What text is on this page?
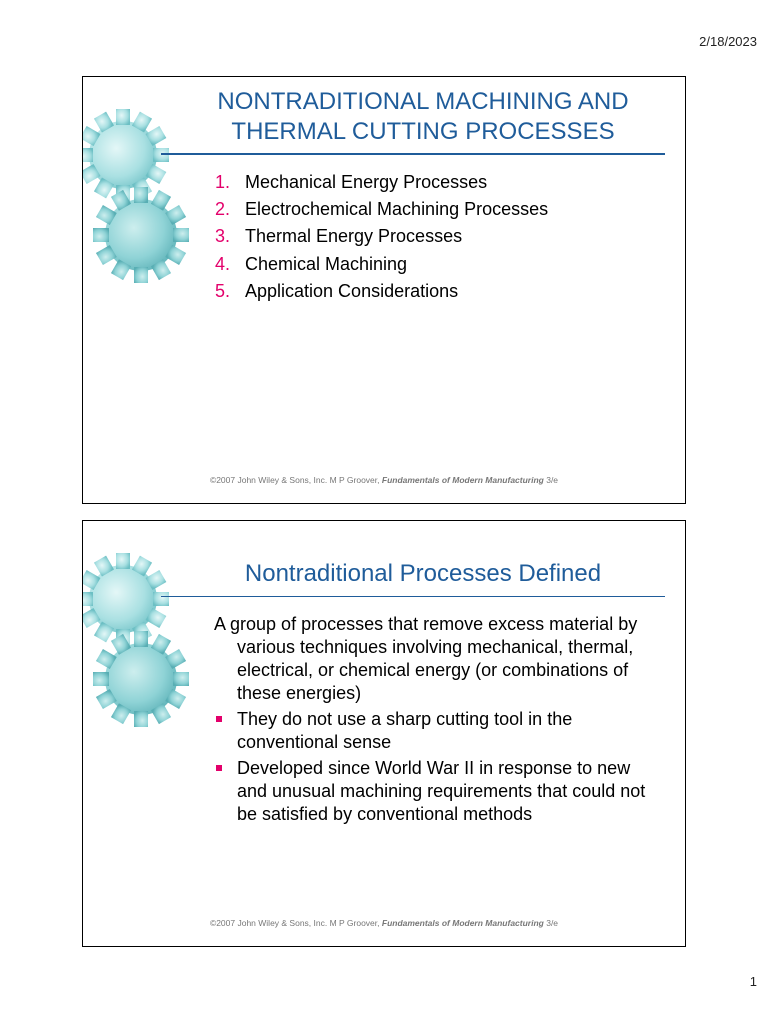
2/18/2023
NONTRADITIONAL MACHINING AND THERMAL CUTTING PROCESSES
1. Mechanical Energy Processes
2. Electrochemical Machining Processes
3. Thermal Energy Processes
4. Chemical Machining
5. Application Considerations
©2007 John Wiley & Sons, Inc. M P Groover, Fundamentals of Modern Manufacturing 3/e
Nontraditional Processes Defined

A group of processes that remove excess material by various techniques involving mechanical, thermal, electrical, or chemical energy (or combinations of these energies)

They do not use a sharp cutting tool in the conventional sense
Developed since World War II in response to new and unusual machining requirements that could not be satisfied by conventional methods
©2007 John Wiley & Sons, Inc. M P Groover, Fundamentals of Modern Manufacturing 3/e
1
